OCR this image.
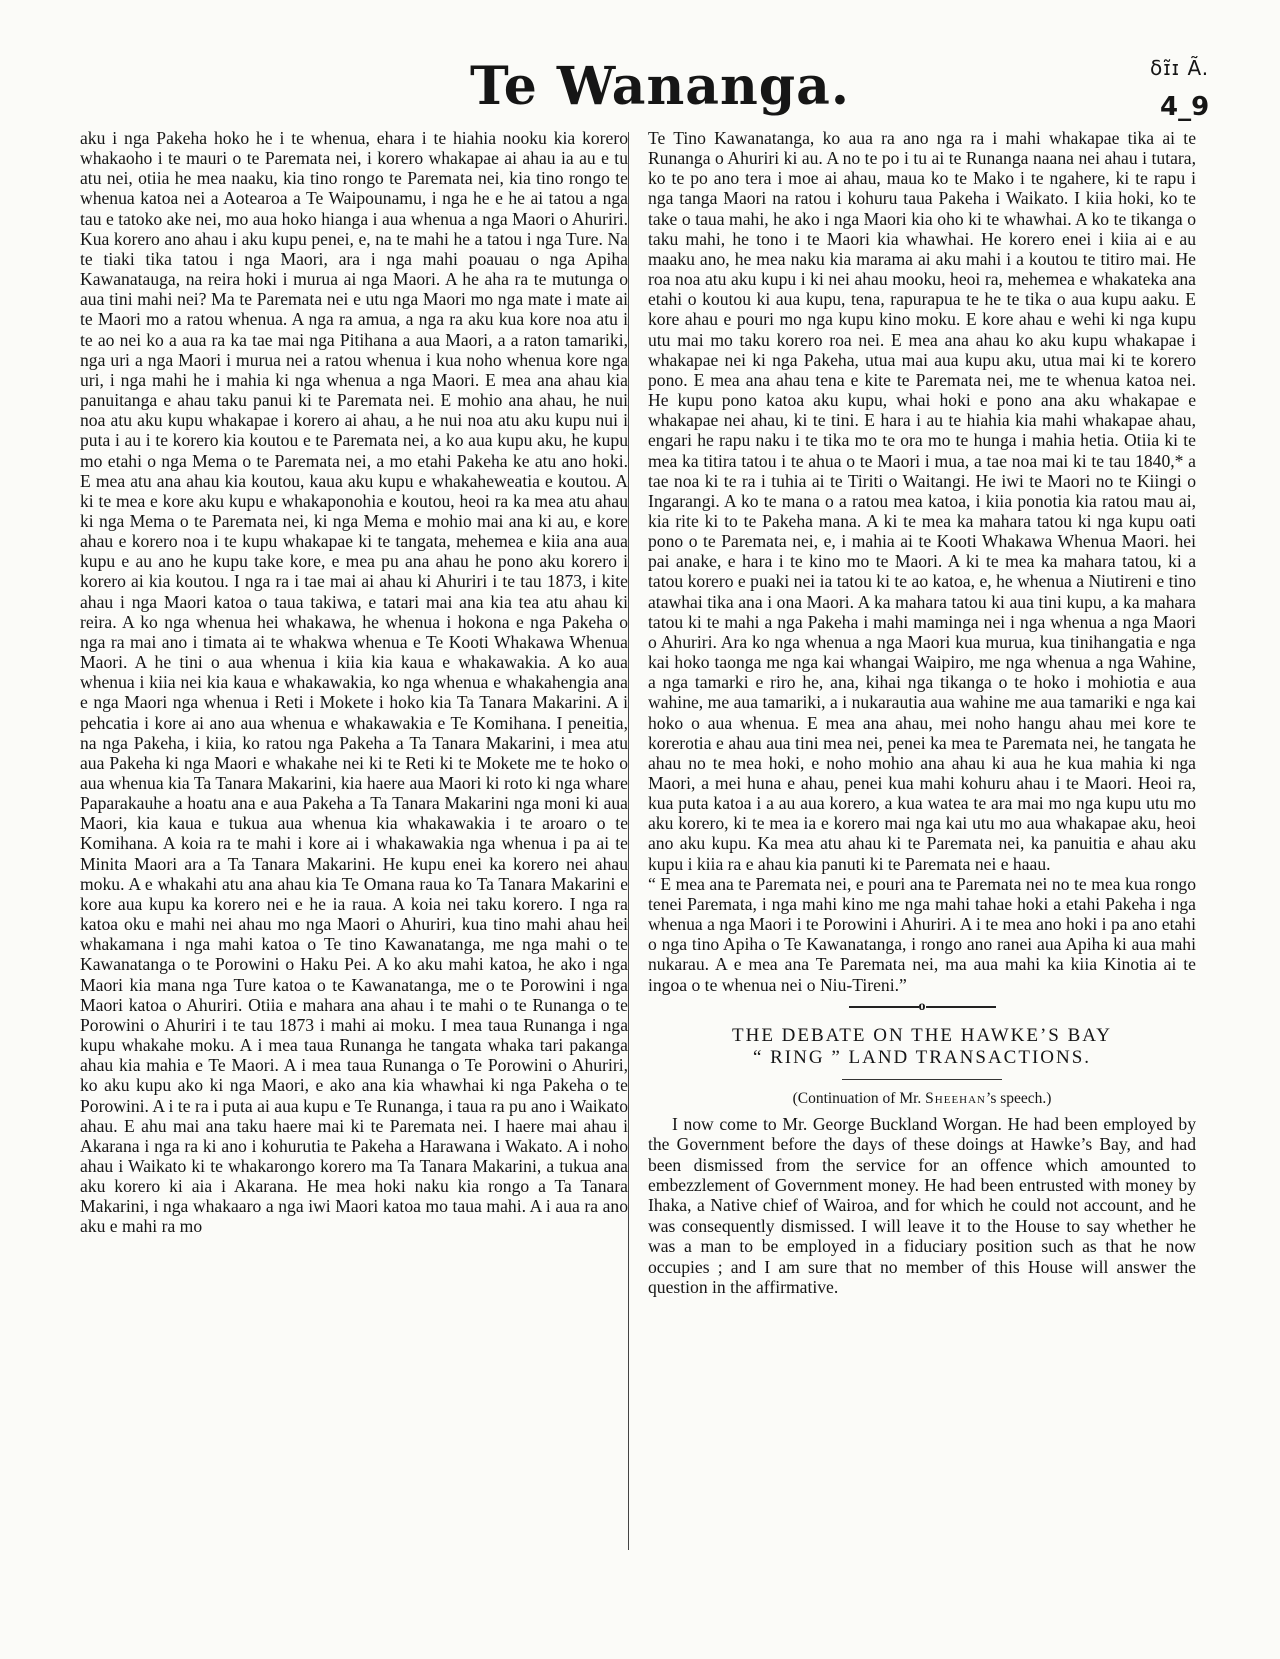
Te Wananga.	ẟɪ̃ɪ Ã.
4_9

aku i nga Pakeha hoko he i te whenua, ehara i te hiahia nooku kia korero whakaoho i te mauri o te Paremata nei, i korero whakapae ai ahau ia au e tu atu nei, otiia he mea naaku, kia tino rongo te Paremata nei, kia tino rongo te whenua katoa nei a Aotearoa a Te Waipounamu, i nga he e he ai tatou a nga tau e tatoko ake nei, mo aua hoko hianga i aua whenua a nga Maori o Ahuriri. Kua korero ano ahau i aku kupu penei, e, na te mahi he a tatou i nga Ture. Na te tiaki tika tatou i nga Maori, ara i nga mahi poauau o nga Apiha Kawanatauga, na reira hoki i murua ai nga Maori. A he aha ra te mutunga o aua tini mahi nei? Ma te Paremata nei e utu nga Maori mo nga mate i mate ai te Maori mo a ratou whenua. A nga ra amua, a nga ra aku kua kore noa atu i te ao nei ko a aua ra ka tae mai nga Pitihana a aua Maori, a a raton tamariki, nga uri a nga Maori i murua nei a ratou whenua i kua noho whenua kore nga uri, i nga mahi he i mahia ki nga whenua a nga Maori. E mea ana ahau kia panuitanga e ahau taku panui ki te Paremata nei. E mohio ana ahau, he nui noa atu aku kupu whakapae i korero ai ahau, a he nui noa atu aku kupu nui i puta i au i te korero kia koutou e te Paremata nei, a ko aua kupu aku, he kupu mo etahi o nga Mema o te Paremata nei, a mo etahi Pakeha ke atu ano hoki. E mea atu ana ahau kia koutou, kaua aku kupu e whakaheweatia e koutou. A ki te mea e kore aku kupu e whakaponohia e koutou, heoi ra ka mea atu ahau ki nga Mema o te Paremata nei, ki nga Mema e mohio mai ana ki au, e kore ahau e korero noa i te kupu whakapae ki te tangata, mehemea e kiia ana aua kupu e au ano he kupu take kore, e mea pu ana ahau he pono aku korero i korero ai kia koutou. I nga ra i tae mai ai ahau ki Ahuriri i te tau 1873, i kite ahau i nga Maori katoa o taua takiwa, e tatari mai ana kia tea atu ahau ki reira. A ko nga whenua hei whakawa, he whenua i hokona e nga Pakeha o nga ra mai ano i timata ai te whakwa whenua e Te Kooti Whakawa Whenua Maori. A he tini o aua whenua i kiia kia kaua e whakawakia. A ko aua whenua i kiia nei kia kaua e whakawakia, ko nga whenua e whakahengia ana e nga Maori nga whenua i Reti i Mokete i hoko kia Ta Tanara Makarini. A i pehcatia i kore ai ano aua whenua e whakawakia e Te Komihana. I peneitia, na nga Pakeha, i kiia, ko ratou nga Pakeha a Ta Tanara Makarini, i mea atu aua Pakeha ki nga Maori e whakahe nei ki te Reti ki te Mokete me te hoko o aua whenua kia Ta Tanara Makarini, kia haere aua Maori ki roto ki nga whare Paparakauhe a hoatu ana e aua Pakeha a Ta Tanara Makarini nga moni ki aua Maori, kia kaua e tukua aua whenua kia whakawakia i te aroaro o te Komihana. A koia ra te mahi i kore ai i whakawakia nga whenua i pa ai te Minita Maori ara a Ta Tanara Makarini. He kupu enei ka korero nei ahau moku. A e whakahi atu ana ahau kia Te Omana raua ko Ta Tanara Makarini e kore aua kupu ka korero nei e he ia raua. A koia nei taku korero. I nga ra katoa oku e mahi nei ahau mo nga Maori o Ahuriri, kua tino mahi ahau hei whakamana i nga mahi katoa o Te tino Kawanatanga, me nga mahi o te Kawanatanga o te Porowini o Haku Pei. A ko aku mahi katoa, he ako i nga Maori kia mana nga Ture katoa o te Kawanatanga, me o te Porowini i nga Maori katoa o Ahuriri. Otiia e mahara ana ahau i te mahi o te Runanga o te Porowini o Ahuriri i te tau 1873 i mahi ai moku. I mea taua Runanga i nga kupu whakahe moku. A i mea taua Runanga he tangata whaka tari pakanga ahau kia mahia e Te Maori. A i mea taua Runanga o Te Porowini o Ahuriri, ko aku kupu ako ki nga Maori, e ako ana kia whawhai ki nga Pakeha o te Porowini. A i te ra i puta ai aua kupu e Te Runanga, i taua ra pu ano i Waikato ahau. E ahu mai ana taku haere mai ki te Paremata nei. I haere mai ahau i Akarana i nga ra ki ano i kohurutia te Pakeha a Harawana i Wakato. A i noho ahau i Waikato ki te whakarongo korero ma Ta Tanara Makarini, a tukua ana aku korero ki aia i Akarana. He mea hoki naku kia rongo a Ta Tanara Makarini, i nga whakaaro a nga iwi Maori katoa mo taua mahi. A i aua ra ano aku e mahi ra mo

Te Tino Kawanatanga, ko aua ra ano nga ra i mahi whakapae tika ai te Runanga o Ahuriri ki au. A no te po i tu ai te Runanga naana nei ahau i tutara, ko te po ano tera i moe ai ahau, maua ko te Mako i te ngahere, ki te rapu i nga tanga Maori na ratou i kohuru taua Pakeha i Waikato. I kiia hoki, ko te take o taua mahi, he ako i nga Maori kia oho ki te whawhai. A ko te tikanga o taku mahi, he tono i te Maori kia whawhai. He korero enei i kiia ai e au maaku ano, he mea naku kia marama ai aku mahi i a koutou te titiro mai. He roa noa atu aku kupu i ki nei ahau mooku, heoi ra, mehemea e whakateka ana etahi o koutou ki aua kupu, tena, rapurapua te he te tika o aua kupu aaku. E kore ahau e pouri mo nga kupu kino moku. E kore ahau e wehi ki nga kupu utu mai mo taku korero roa nei. E mea ana ahau ko aku kupu whakapae i whakapae nei ki nga Pakeha, utua mai aua kupu aku, utua mai ki te korero pono. E mea ana ahau tena e kite te Paremata nei, me te whenua katoa nei. He kupu pono katoa aku kupu, whai hoki e pono ana aku whakapae e whakapae nei ahau, ki te tini. E hara i au te hiahia kia mahi whakapae ahau, engari he rapu naku i te tika mo te ora mo te hunga i mahia hetia. Otiia ki te mea ka titira tatou i te ahua o te Maori i mua, a tae noa mai ki te tau 1840,* a tae noa ki te ra i tuhia ai te Tiriti o Waitangi. He iwi te Maori no te Kiingi o Ingarangi. A ko te mana o a ratou mea katoa, i kiia ponotia kia ratou mau ai, kia rite ki to te Pakeha mana. A ki te mea ka mahara tatou ki nga kupu oati pono o te Paremata nei, e, i mahia ai te Kooti Whakawa Whenua Maori. hei pai anake, e hara i te kino mo te Maori. A ki te mea ka mahara tatou, ki a tatou korero e puaki nei ia tatou ki te ao katoa, e, he whenua a Niutireni e tino atawhai tika ana i ona Maori. A ka mahara tatou ki aua tini kupu, a ka mahara tatou ki te mahi a nga Pakeha i mahi maminga nei i nga whenua a nga Maori o Ahuriri. Ara ko nga whenua a nga Maori kua murua, kua tinihangatia e nga kai hoko taonga me nga kai whangai Waipiro, me nga whenua a nga Wahine, a nga tamarki e riro he, ana, kihai nga tikanga o te hoko i mohiotia e aua wahine, me aua tamariki, a i nukarautia aua wahine me aua tamariki e nga kai hoko o aua whenua. E mea ana ahau, mei noho hangu ahau mei kore te korerotia e ahau aua tini mea nei, penei ka mea te Paremata nei, he tangata he ahau no te mea hoki, e noho mohio ana ahau ki aua he kua mahia ki nga Maori, a mei huna e ahau, penei kua mahi kohuru ahau i te Maori. Heoi ra, kua puta katoa i a au aua korero, a kua watea te ara mai mo nga kupu utu mo aku korero, ki te mea ia e korero mai nga kai utu mo aua whakapae aku, heoi ano aku kupu. Ka mea atu ahau ki te Paremata nei, ka panuitia e ahau aku kupu i kiia ra e ahau kia panuti ki te Paremata nei e haau.

“ E mea ana te Paremata nei, e pouri ana te Paremata nei no te mea kua rongo tenei Paremata, i nga mahi kino me nga mahi tahae hoki a etahi Pakeha i nga whenua a nga Maori i te Porowini i Ahuriri. A i te mea ano hoki i pa ano etahi o nga tino Apiha o Te Kawanatanga, i rongo ano ranei aua Apiha ki aua mahi nukarau. A e mea ana Te Paremata nei, ma aua mahi ka kiia Kinotia ai te ingoa o te whenua nei o Niu-Tireni.”

o
THE DEBATE ON THE HAWKE’S BAY
“ RING ” LAND TRANSACTIONS.
(Continuation of Mr. Sheehan’s speech.)

I now come to Mr. George Buckland Worgan. He had been employed by the Government before the days of these doings at Hawke’s Bay, and had been dismissed from the service for an offence which amounted to embezzlement of Government money. He had been entrusted with money by Ihaka, a Native chief of Wairoa, and for which he could not account, and he was consequently dismissed. I will leave it to the House to say whether he was a man to be employed in a fiduciary position such as that he now occupies ; and I am sure that no member of this House will answer the question in the affirmative.
